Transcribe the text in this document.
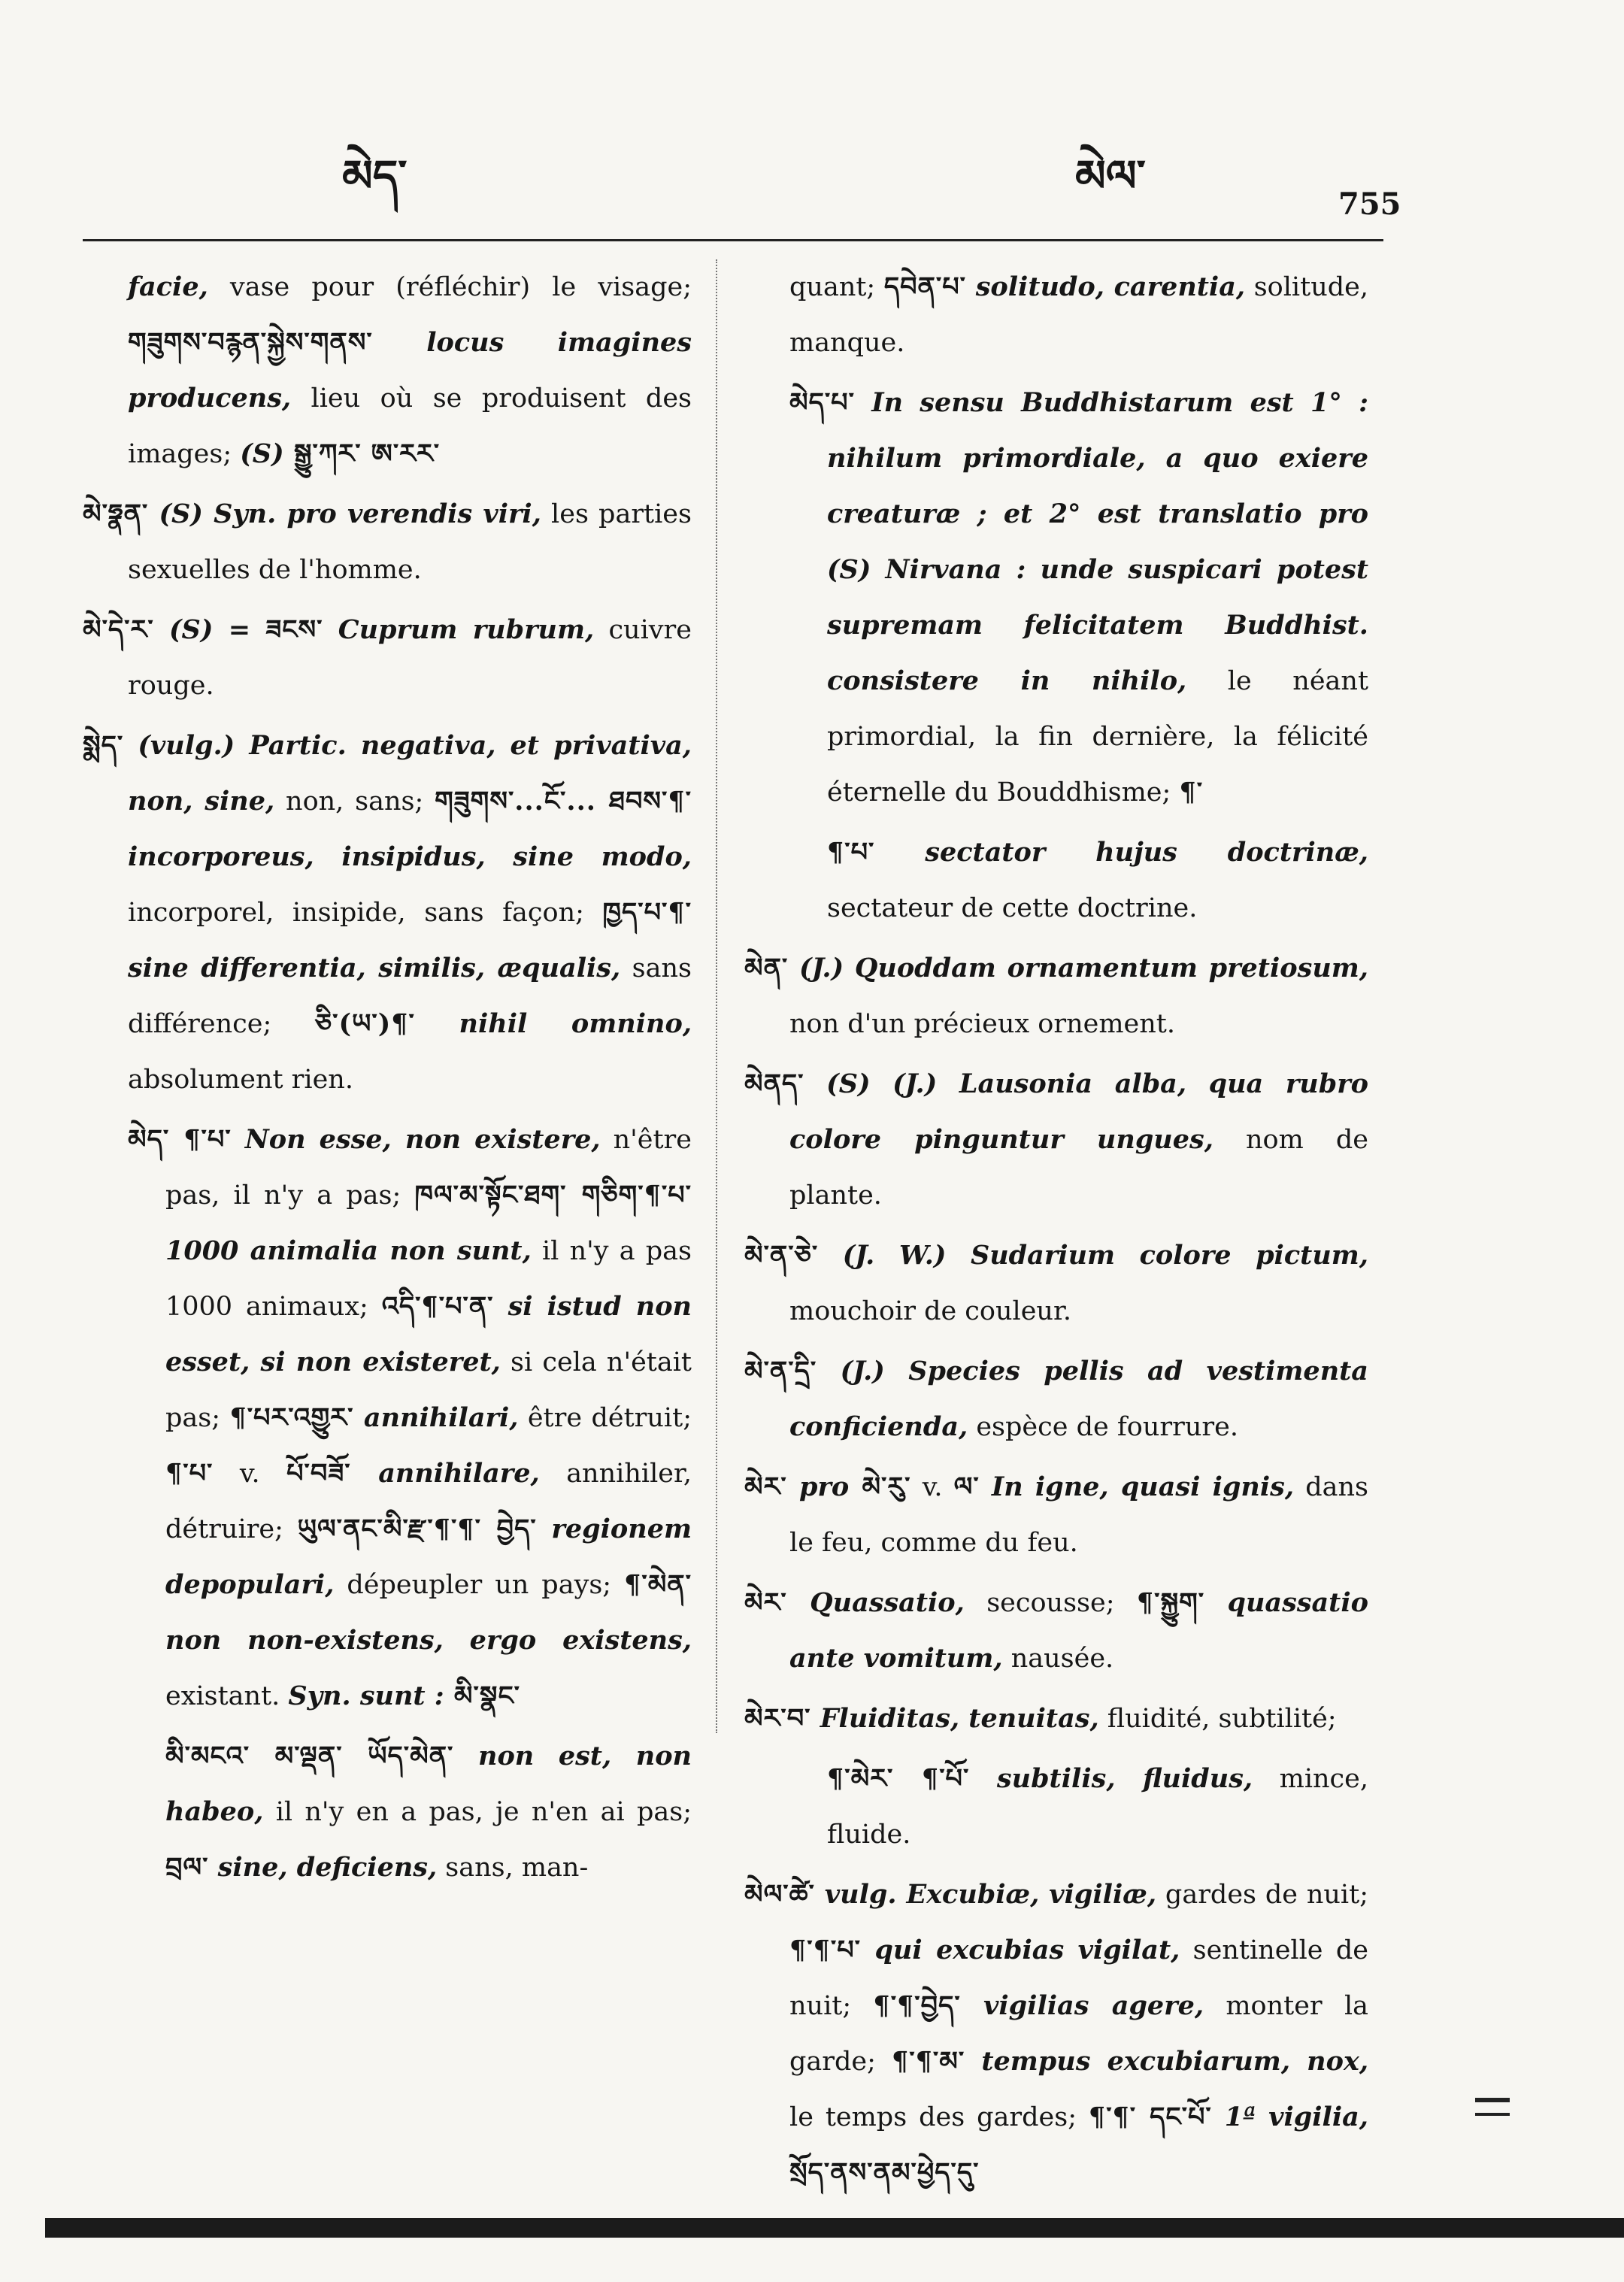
མེད་	མེལ་
755

facie, vase pour (réfléchir) le visage; གཟུགས་བརྙན་སྐྱེས་གནས་ locus imagines producens, lieu où se produisent des images; (S) སྒྱུ་ཀར་ ཨ་རར་

མེ་ཧྣན་ (S) Syn. pro verendis viri, les parties sexuelles de l'homme.

མེ་དེ་ར་ (S) = ཟངས་ Cuprum rubrum, cuivre rouge.

སྨེད་ (vulg.) Partic. negativa, et privativa, non, sine, non, sans; གཟུགས་...ངོ་... ཐབས་¶་ incorporeus, insipidus, sine modo, incorporel, insipide, sans façon; ཁྱད་པ་¶་ sine differentia, similis, æqualis, sans différence; ཅི་(ཡ་)¶་ nihil omnino, absolument rien.

མེད་ ¶་པ་ Non esse, non existere, n'être pas, il n'y a pas; ཁལ་མ་སྟོང་ཐག་ གཅིག་¶་པ་ 1000 animalia non sunt, il n'y a pas 1000 animaux; འདི་¶་པ་ན་ si istud non esset, si non existeret, si cela n'était pas; ¶་པར་འགྱུར་ annihilari, être détruit; ¶་པ་ v. པོ་བཟོ་ annihilare, annihiler, détruire; ཡུལ་ནང་མི་རྫ་¶་¶་ བྱེད་ regionem depopulari, dépeupler un pays; ¶་མེན་ non non-existens, ergo existens, existant. Syn. sunt : མི་སྣང་

མི་མངའ་ མ་ལྡན་ ཡོད་མེན་ non est, non habeo, il n'y en a pas, je n'en ai pas; བྲལ་ sine, deficiens, sans, man-

quant; དབེན་པ་ solitudo, carentia, solitude, manque.

མེད་པ་ In sensu Buddhistarum est 1° : nihilum primordiale, a quo exiere creaturæ ; et 2° est translatio pro (S) Nirvana : unde suspicari potest supremam felicitatem Buddhist. consistere in nihilo, le néant primordial, la fin dernière, la félicité éternelle du Bouddhisme; ¶་

¶་པ་ sectator hujus doctrinæ, sectateur de cette doctrine.

མེན་ (J.) Quoddam ornamentum pretiosum, non d'un précieux ornement.

མེནད་ (S) (J.) Lausonia alba, qua rubro colore pinguntur ungues, nom de plante.

མེ་ན་ཅེ་ (J. W.) Sudarium colore pictum, mouchoir de couleur.

མེ་ན་དྲི་ (J.) Species pellis ad vestimenta conficienda, espèce de fourrure.

མེར་ pro མེ་རུ་ v. ལ་ In igne, quasi ignis, dans le feu, comme du feu.

མེར་ Quassatio, secousse; ¶་སྐྱུག་ quassatio ante vomitum, nausée.

མེར་བ་ Fluiditas, tenuitas, fluidité, subtilité;

¶་མེར་ ¶་པོ་ subtilis, fluidus, mince, fluide.

མེལ་ཚེ་ vulg. Excubiæ, vigiliæ, gardes de nuit; ¶་¶་པ་ qui excubias vigilat, sentinelle de nuit; ¶་¶་བྱེད་ vigilias agere, monter la garde; ¶་¶་མ་ tempus excubiarum, nox, le temps des gardes; ¶་¶་ དང་པོ་ 1ª vigilia, སྲོད་ནས་ནམ་ཕྱེད་དུ་
